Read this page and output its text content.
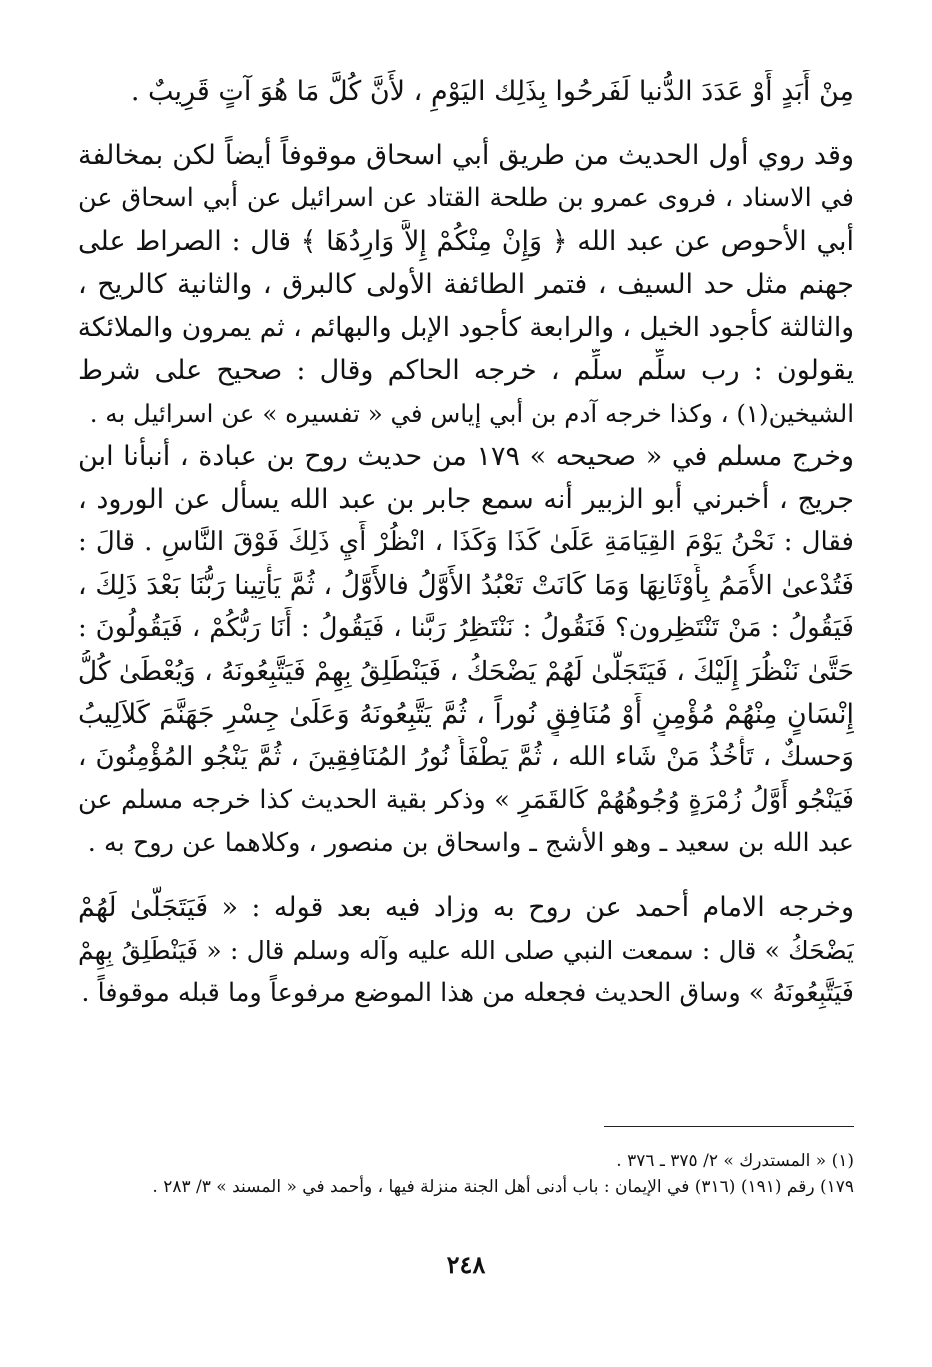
مِنْ أَبَدٍ أَوْ عَدَدَ الدُّنيا لَفَرحُوا بِذَلِك اليَوْمِ ، لأَنَّ كُلَّ مَا هُوَ آتٍ قَرِيبٌ .
وقد روي أول الحديث من طريق أبي اسحاق موقوفاً أيضاً لكن بمخالفة
في الاسناد ، فروى عمرو بن طلحة القتاد عن اسرائيل عن أبي اسحاق عن
أبي الأحوص عن عبد الله ﴿ وَإِنْ مِنْكُمْ إِلاَّ وَارِدُهَا ﴾ قال : الصراط على
جهنم مثل حد السيف ، فتمر الطائفة الأولى كالبرق ، والثانية كالريح ،
والثالثة كأجود الخيل ، والرابعة كأجود الإبل والبهائم ، ثم يمرون والملائكة
يقولون : رب سلِّم سلِّم ، خرجه الحاكم وقال : صحيح على شرط
الشيخين(١) ، وكذا خرجه آدم بن أبي إياس في « تفسيره » عن اسرائيل به .
وخرج مسلم في « صحيحه » ١٧٩ من حديث روح بن عبادة ، أنبأنا ابن
جريج ، أخبرني أبو الزبير أنه سمع جابر بن عبد الله يسأل عن الورود ،
فقال : نَحْنُ يَوْمَ القِيَامَةِ عَلَىٰ كَذَا وَكَذَا ، انْظُرْ أَيِ ذَلِكَ فَوْقَ النَّاسِ . قالَ :
فَتُدْعىٰ الأُمَمُ بِأَوْثَانِهَا وَمَا كَانَتْ تَعْبُدُ الأَوَّلُ فالأَوَّلُ ، ثُمَّ يَأْتِينا رَبُّنَا بَعْدَ ذَلِكَ ،
فَيَقُولُ : مَنْ تَنْتَظِرون؟ فَنَقُولُ : نَنْتَظِرُ رَبَّنا ، فَيَقُولُ : أَنَا رَبُّكُمْ ، فَيَقُولُونَ :
حَتَّىٰ نَنْظُرَ إِلَيْكَ ، فَيَتَجَلَّىٰ لَهُمْ يَضْحَكُ ، فَيَنْطَلِقُ بِهِمْ فَيَتَّبِعُونَهُ ، وَيُعْطَىٰ كُلُّ
إِنْسَانٍ مِنْهُمْ مُؤْمِنٍ أَوْ مُنَافِقٍ نُوراً ، ثُمَّ يَتَّبِعُونَهُ وَعَلَىٰ جِسْرِ جَهَنَّمَ كَلاَلِيبُ
وَحسكٌ ، تَأْخُذُ مَنْ شَاء الله ، ثُمَّ يَطْفَأُ نُورُ المُنَافِقِينَ ، ثُمَّ يَنْجُو المُؤْمِنُونَ ،
فَيَنْجُو أَوَّلُ زُمْرَةٍ وُجُوهُهُمْ كَالقَمَرِ » وذكر بقية الحديث كذا خرجه مسلم عن
عبد الله بن سعيد ـ وهو الأشج ـ واسحاق بن منصور ، وكلاهما عن روح به .
وخرجه الامام أحمد عن روح به وزاد فيه بعد قوله : « فَيَتَجَلَّىٰ لَهُمْ
يَضْحَكُ » قال : سمعت النبي صلى الله عليه وآله وسلم قال : « فَيَنْطَلِقُ بِهِمْ
فَيَتَّبِعُونَهُ » وساق الحديث فجعله من هذا الموضع مرفوعاً وما قبله موقوفاً .
(١) « المستدرك » ٢/ ٣٧٥ ـ ٣٧٦ .
١٧٩) رقم (١٩١) (٣١٦) في الإيمان : باب أدنى أهل الجنة منزلة فيها ، وأحمد في « المسند » ٣/ ٢٨٣ .
٢٤٨
